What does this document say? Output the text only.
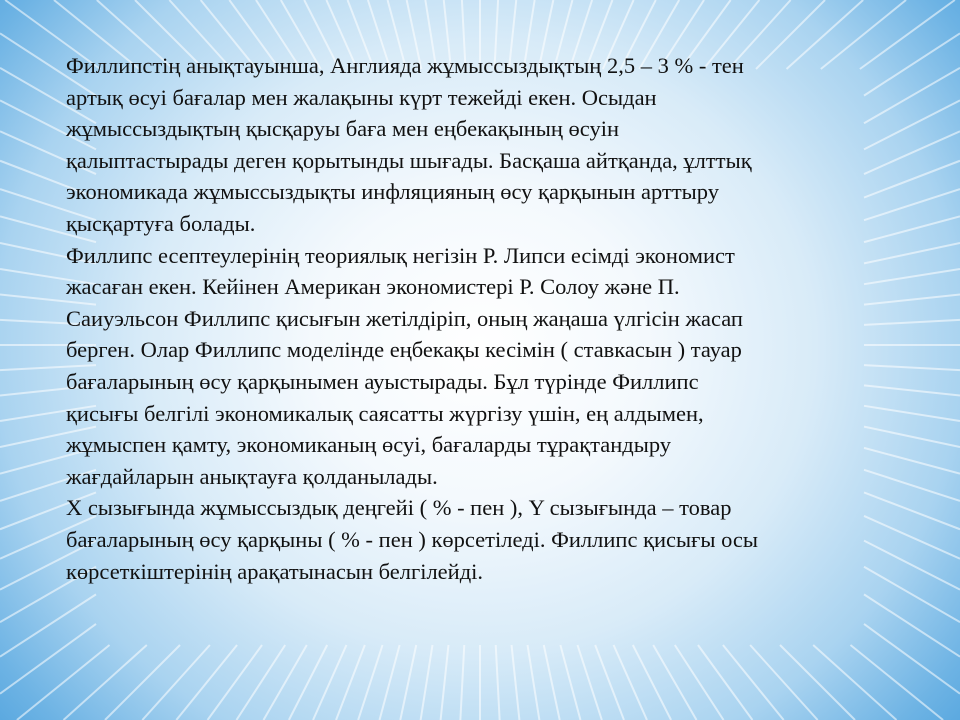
Филлипстің анықтауынша, Англияда жұмыссыздықтың 2,5 – 3 % - тен
артық өсуі бағалар мен жалақыны күрт тежейді екен. Осыдан
жұмыссыздықтың қысқаруы баға мен еңбекақының өсуін
қалыптастырады деген қорытынды шығады. Басқаша айтқанда, ұлттық
экономикада жұмыссыздықты инфляцияның өсу қарқынын арттыру
қысқартуға болады.

Филлипс есептеулерінің теориялық негізін Р. Липси есімді экономист
жасаған екен. Кейінен Американ экономистері Р. Солоу және П.
Саиуэльсон Филлипс қисығын жетілдіріп, оның жаңаша үлгісін жасап
берген. Олар Филлипс моделінде еңбекақы кесімін ( ставкасын ) тауар
бағаларының өсу қарқынымен ауыстырады. Бұл түрінде Филлипс
қисығы белгілі экономикалық саясатты жүргізу үшін, ең алдымен,
жұмыспен қамту, экономиканың өсуі, бағаларды тұрақтандыру
жағдайларын анықтауға қолданылады.

Х сызығында жұмыссыздық деңгейі ( % - пен ), Y сызығында – товар
бағаларының өсу қарқыны ( % - пен ) көрсетіледі. Филлипс қисығы осы
көрсеткіштерінің арақатынасын белгілейді.
